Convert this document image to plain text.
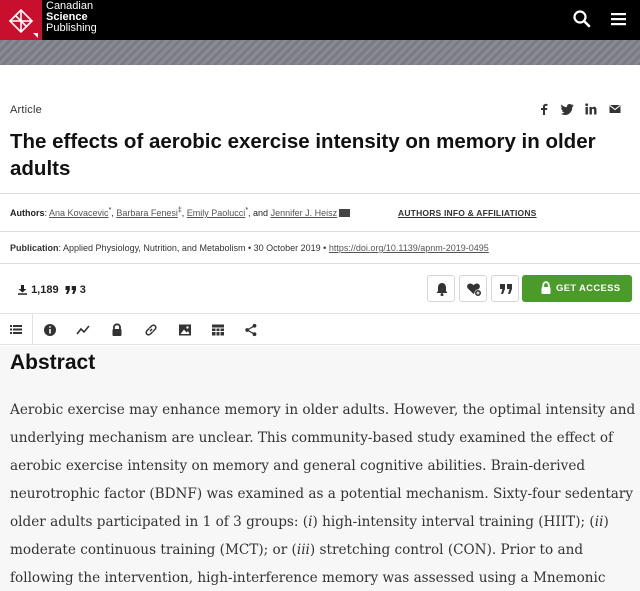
Canadian
Science
Publishing
Article
The effects of aerobic exercise intensity on memory in older adults
Authors: Ana Kovacevic*, Barbara Fenesi‡, Emily Paolucci*, and Jennifer J. Heisz	AUTHORS INFO & AFFILIATIONS
Publication: Applied Physiology, Nutrition, and Metabolism • 30 October 2019 • https://doi.org/10.1139/apnm-2019-0495
1,189 3	GET ACCESS
Abstract

Aerobic exercise may enhance memory in older adults. However, the optimal intensity and underlying mechanism are unclear. This community-based study examined the effect of aerobic exercise intensity on memory and general cognitive abilities. Brain-derived neurotrophic factor (BDNF) was examined as a potential mechanism. Sixty-four sedentary older adults participated in 1 of 3 groups: (i) high-intensity interval training (HIIT); (ii) moderate continuous training (MCT); or (iii) stretching control (CON). Prior to and following the intervention, high-interference memory was assessed using a Mnemonic
